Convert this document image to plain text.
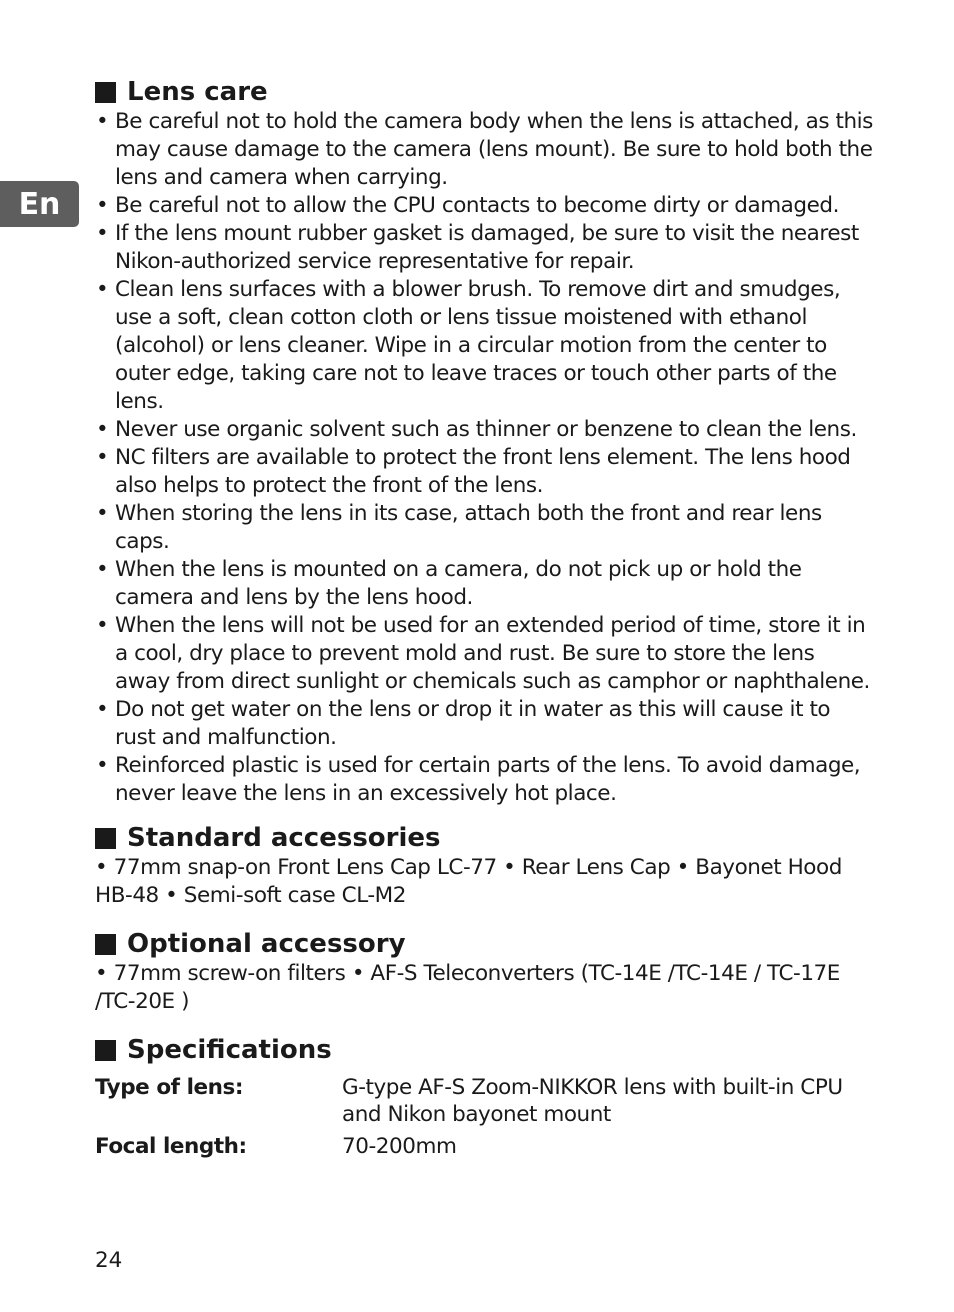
En
Lens care
• Be careful not to hold the camera body when the lens is attached, as this may cause damage to the camera (lens mount). Be sure to hold both the lens and camera when carrying.
• Be careful not to allow the CPU contacts to become dirty or damaged.
• If the lens mount rubber gasket is damaged, be sure to visit the nearest Nikon-authorized service representative for repair.
• Clean lens surfaces with a blower brush. To remove dirt and smudges, use a soft, clean cotton cloth or lens tissue moistened with ethanol (alcohol) or lens cleaner. Wipe in a circular motion from the center to outer edge, taking care not to leave traces or touch other parts of the lens.
• Never use organic solvent such as thinner or benzene to clean the lens.
• NC filters are available to protect the front lens element. The lens hood also helps to protect the front of the lens.
• When storing the lens in its case, attach both the front and rear lens caps.
• When the lens is mounted on a camera, do not pick up or hold the camera and lens by the lens hood.
• When the lens will not be used for an extended period of time, store it in a cool, dry place to prevent mold and rust. Be sure to store the lens away from direct sunlight or chemicals such as camphor or naphthalene.
• Do not get water on the lens or drop it in water as this will cause it to rust and malfunction.
• Reinforced plastic is used for certain parts of the lens. To avoid damage, never leave the lens in an excessively hot place.
Standard accessories

• 77mm snap-on Front Lens Cap LC-77 • Rear Lens Cap • Bayonet Hood HB-48 • Semi-soft case CL-M2

Optional accessory

• 77mm screw-on filters • AF-S Teleconverters (TC-14E /TC-14E / TC-17E /TC-20E )

Specifications
Type of lens:	G-type AF-S Zoom-NIKKOR lens with built-in CPU and Nikon bayonet mount
Focal length:	70-200mm
24
